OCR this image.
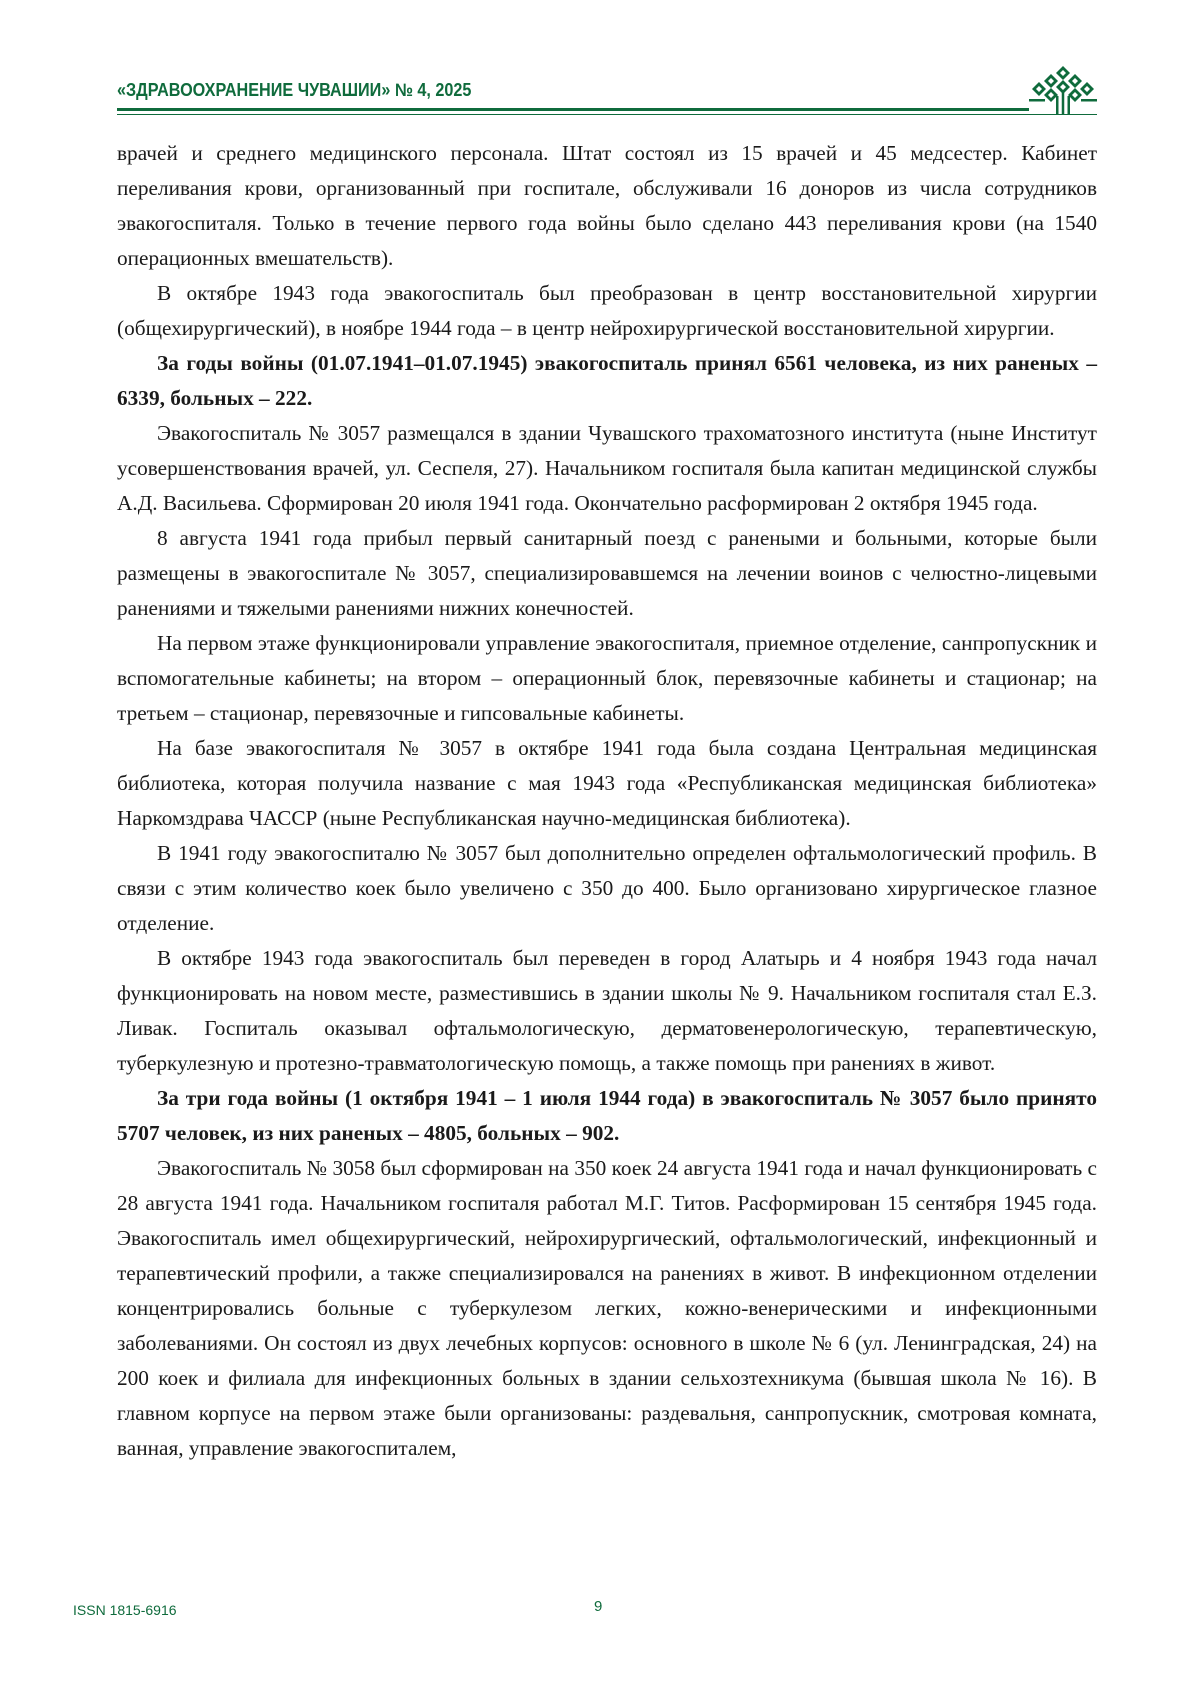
«ЗДРАВООХРАНЕНИЕ ЧУВАШИИ» № 4, 2025

врачей и среднего медицинского персонала. Штат состоял из 15 врачей и 45 медсестер. Кабинет переливания крови, организованный при госпитале, обслуживали 16 доноров из числа сотрудников эвакогоспиталя. Только в течение первого года войны было сделано 443 переливания крови (на 1540 операционных вмешательств).

В октябре 1943 года эвакогоспиталь был преобразован в центр восстановительной хирургии (общехирургический), в ноябре 1944 года – в центр нейрохирургической восстановительной хирургии.

За годы войны (01.07.1941–01.07.1945) эвакогоспиталь принял 6561 человека, из них раненых – 6339, больных – 222.

Эвакогоспиталь № 3057 размещался в здании Чувашского трахоматозного института (ныне Институт усовершенствования врачей, ул. Сеспеля, 27). Начальником госпиталя была капитан медицинской службы А.Д. Васильева. Сформирован 20 июля 1941 года. Окончательно расформирован 2 октября 1945 года.

8 августа 1941 года прибыл первый санитарный поезд с ранеными и больными, которые были размещены в эвакогоспитале № 3057, специализировавшемся на лечении воинов с челюстно-лицевыми ранениями и тяжелыми ранениями нижних конечностей.

На первом этаже функционировали управление эвакогоспиталя, приемное отделение, санпропускник и вспомогательные кабинеты; на втором – операционный блок, перевязочные кабинеты и стационар; на третьем – стационар, перевязочные и гипсовальные кабинеты.

На базе эвакогоспиталя № 3057 в октябре 1941 года была создана Центральная медицинская библиотека, которая получила название с мая 1943 года «Республиканская медицинская библиотека» Наркомздрава ЧАССР (ныне Республиканская научно-медицинская библиотека).

В 1941 году эвакогоспиталю № 3057 был дополнительно определен офтальмологический профиль. В связи с этим количество коек было увеличено с 350 до 400. Было организовано хирургическое глазное отделение.

В октябре 1943 года эвакогоспиталь был переведен в город Алатырь и 4 ноября 1943 года начал функционировать на новом месте, разместившись в здании школы № 9. Начальником госпиталя стал Е.З. Ливак. Госпиталь оказывал офтальмологическую, дерматовенерологическую, терапевтическую, туберкулезную и протезно-травматологическую помощь, а также помощь при ранениях в живот.

За три года войны (1 октября 1941 – 1 июля 1944 года) в эвакогоспиталь № 3057 было принято 5707 человек, из них раненых – 4805, больных – 902.

Эвакогоспиталь № 3058 был сформирован на 350 коек 24 августа 1941 года и начал функционировать с 28 августа 1941 года. Начальником госпиталя работал М.Г. Титов. Расформирован 15 сентября 1945 года. Эвакогоспиталь имел общехирургический, нейрохирургический, офтальмологический, инфекционный и терапевтический профили, а также специализировался на ранениях в живот. В инфекционном отделении концентрировались больные с туберкулезом легких, кожно-венерическими и инфекционными заболеваниями. Он состоял из двух лечебных корпусов: основного в школе № 6 (ул. Ленинградская, 24) на 200 коек и филиала для инфекционных больных в здании сельхозтехникума (бывшая школа № 16). В главном корпусе на первом этаже были организованы: раздевальня, санпропускник, смотровая комната, ванная, управление эвакогоспиталем,

ISSN 1815-6916	9
